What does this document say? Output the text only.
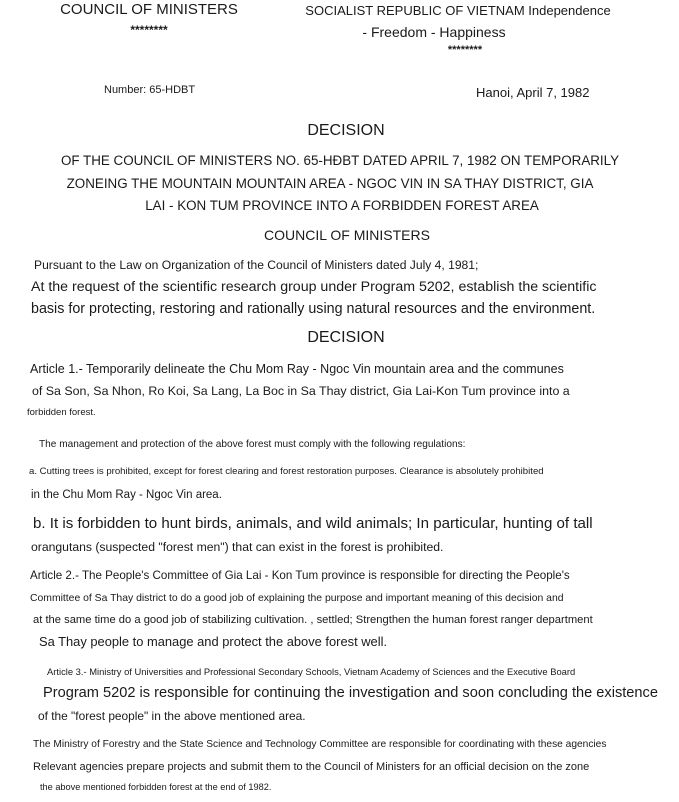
COUNCIL OF MINISTERS
********
SOCIALIST REPUBLIC OF VIETNAM Independence
- Freedom - Happiness
********
Number: 65-HDBT	Hanoi, April 7, 1982
DECISION
OF THE COUNCIL OF MINISTERS NO. 65-HĐBT DATED APRIL 7, 1982 ON TEMPORARILY
ZONEING THE MOUNTAIN MOUNTAIN AREA - NGOC VIN IN SA THAY DISTRICT, GIA
LAI - KON TUM PROVINCE INTO A FORBIDDEN FOREST AREA
COUNCIL OF MINISTERS
Pursuant to the Law on Organization of the Council of Ministers dated July 4, 1981;
At the request of the scientific research group under Program 5202, establish the scientific
basis for protecting, restoring and rationally using natural resources and the environment.
DECISION
Article 1.- Temporarily delineate the Chu Mom Ray - Ngoc Vin mountain area and the communes
of Sa Son, Sa Nhon, Ro Koi, Sa Lang, La Boc in Sa Thay district, Gia Lai-Kon Tum province into a
forbidden forest.
The management and protection of the above forest must comply with the following regulations:
a. Cutting trees is prohibited, except for forest clearing and forest restoration purposes. Clearance is absolutely prohibited
in the Chu Mom Ray - Ngoc Vin area.
b. It is forbidden to hunt birds, animals, and wild animals; In particular, hunting of tall
orangutans (suspected "forest men") that can exist in the forest is prohibited.
Article 2.- The People's Committee of Gia Lai - Kon Tum province is responsible for directing the People's
Committee of Sa Thay district to do a good job of explaining the purpose and important meaning of this decision and
at the same time do a good job of stabilizing cultivation. , settled; Strengthen the human forest ranger department
Sa Thay people to manage and protect the above forest well.
Article 3.- Ministry of Universities and Professional Secondary Schools, Vietnam Academy of Sciences and the Executive Board
Program 5202 is responsible for continuing the investigation and soon concluding the existence
of the "forest people" in the above mentioned area.
The Ministry of Forestry and the State Science and Technology Committee are responsible for coordinating with these agencies
Relevant agencies prepare projects and submit them to the Council of Ministers for an official decision on the zone
the above mentioned forbidden forest at the end of 1982.
